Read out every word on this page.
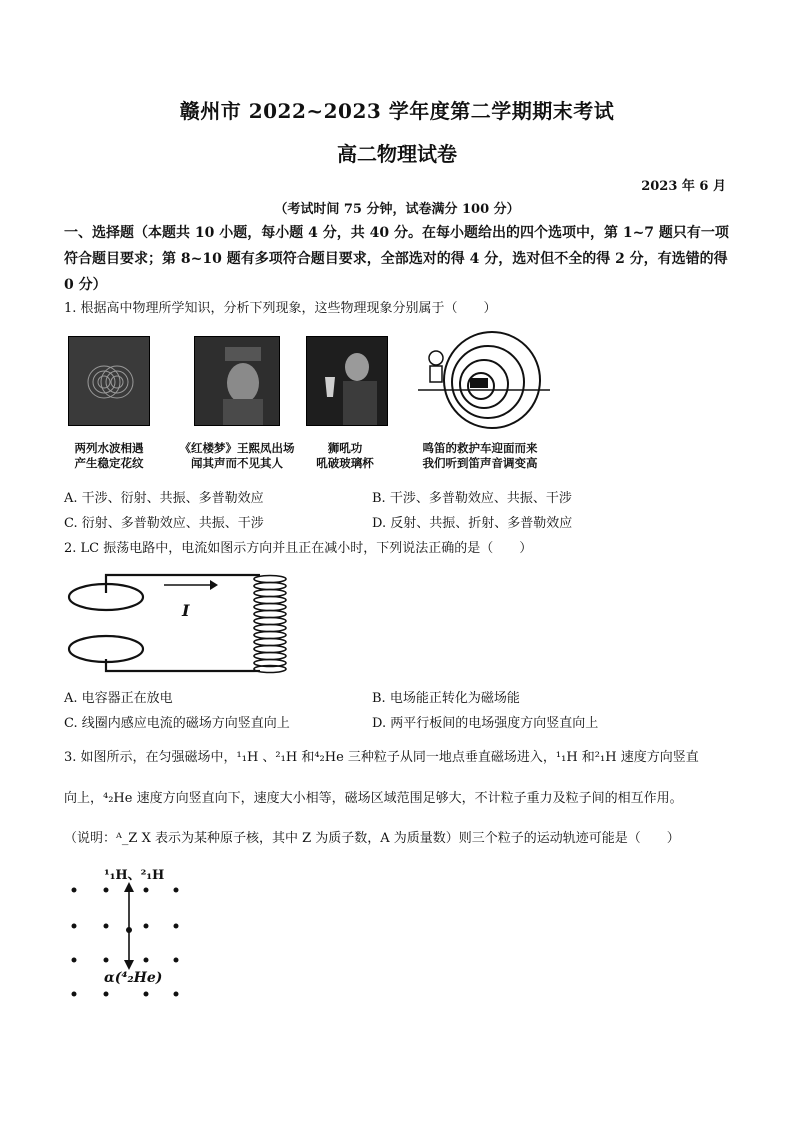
赣州市 2022~2023 学年度第二学期期末考试
高二物理试卷
2023 年 6 月
（考试时间 75 分钟，试卷满分 100 分）
一、选择题（本题共 10 小题，每小题 4 分，共 40 分。在每小题给出的四个选项中，第 1~7 题只有一项符合题目要求；第 8~10 题有多项符合题目要求，全部选对的得 4 分，选对但不全的得 2 分，有选错的得 0 分）
1. 根据高中物理所学知识，分析下列现象，这些物理现象分别属于（　　）
两列水波相遇
产生稳定花纹
《红楼梦》王熙凤出场
闻其声而不见其人
狮吼功
吼破玻璃杯
鸣笛的救护车迎面而来
我们听到笛声音调变高
A. 干涉、衍射、共振、多普勒效应	B. 干涉、多普勒效应、共振、干涉
C. 衍射、多普勒效应、共振、干涉	D. 反射、共振、折射、多普勒效应
2. LC 振荡电路中，电流如图示方向并且正在减小时，下列说法正确的是（　　）
I
A. 电容器正在放电	B. 电场能正转化为磁场能
C. 线圈内感应电流的磁场方向竖直向上	D. 两平行板间的电场强度方向竖直向上
3. 如图所示，在匀强磁场中，¹₁H 、²₁H 和⁴₂He 三种粒子从同一地点垂直磁场进入，¹₁H 和²₁H 速度方向竖直
向上，⁴₂He 速度方向竖直向下，速度大小相等，磁场区域范围足够大，不计粒子重力及粒子间的相互作用。
（说明：ᴬ_Z X 表示为某种原子核，其中 Z 为质子数，A 为质量数）则三个粒子的运动轨迹可能是（　　）
¹₁H、²₁H
α(⁴₂He)
